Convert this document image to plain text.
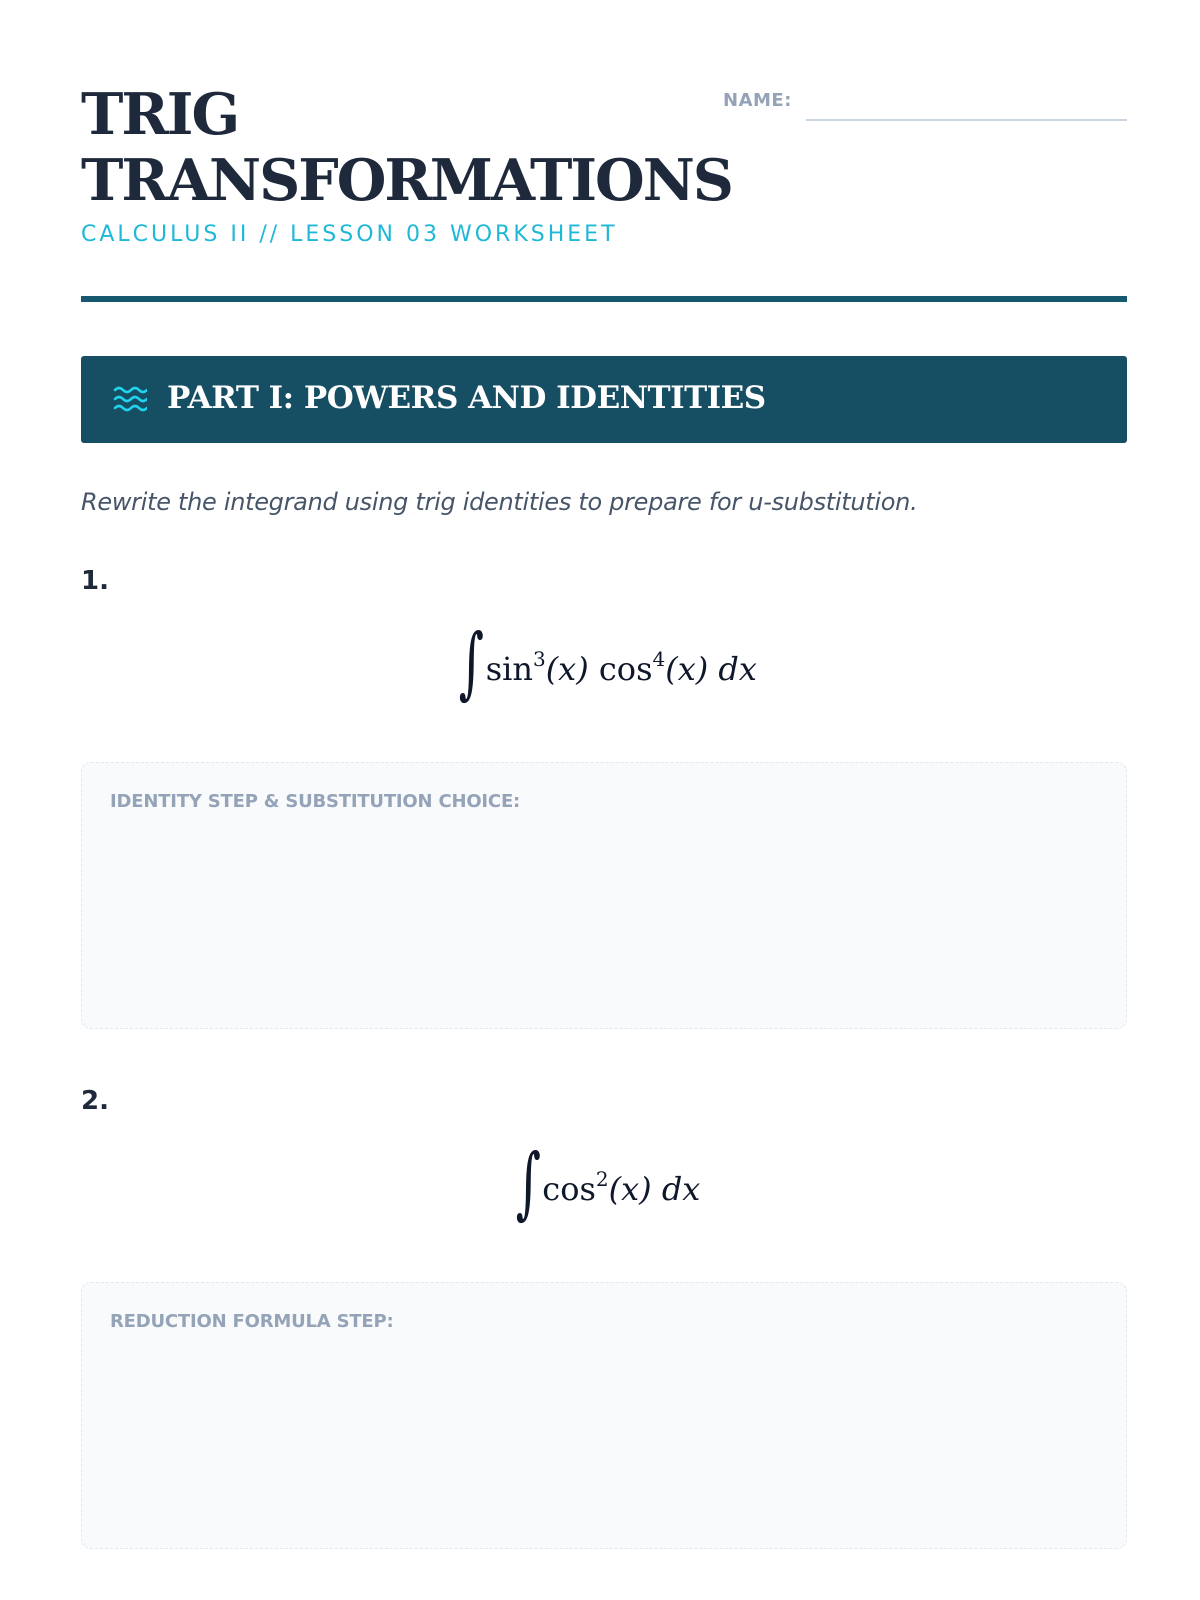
TRIG
TRANSFORMATIONS
CALCULUS II // LESSON 03 WORKSHEET
NAME:
PART I: POWERS AND IDENTITIES
Rewrite the integrand using trig identities to prepare for u-substitution.
1.
$\int\sin^3(x)$ $\cos^4(x)$ dx
IDENTITY STEP & SUBSTITUTION CHOICE:
2.
$\int\cos^2(x)$ dx
REDUCTION FORMULA STEP:
